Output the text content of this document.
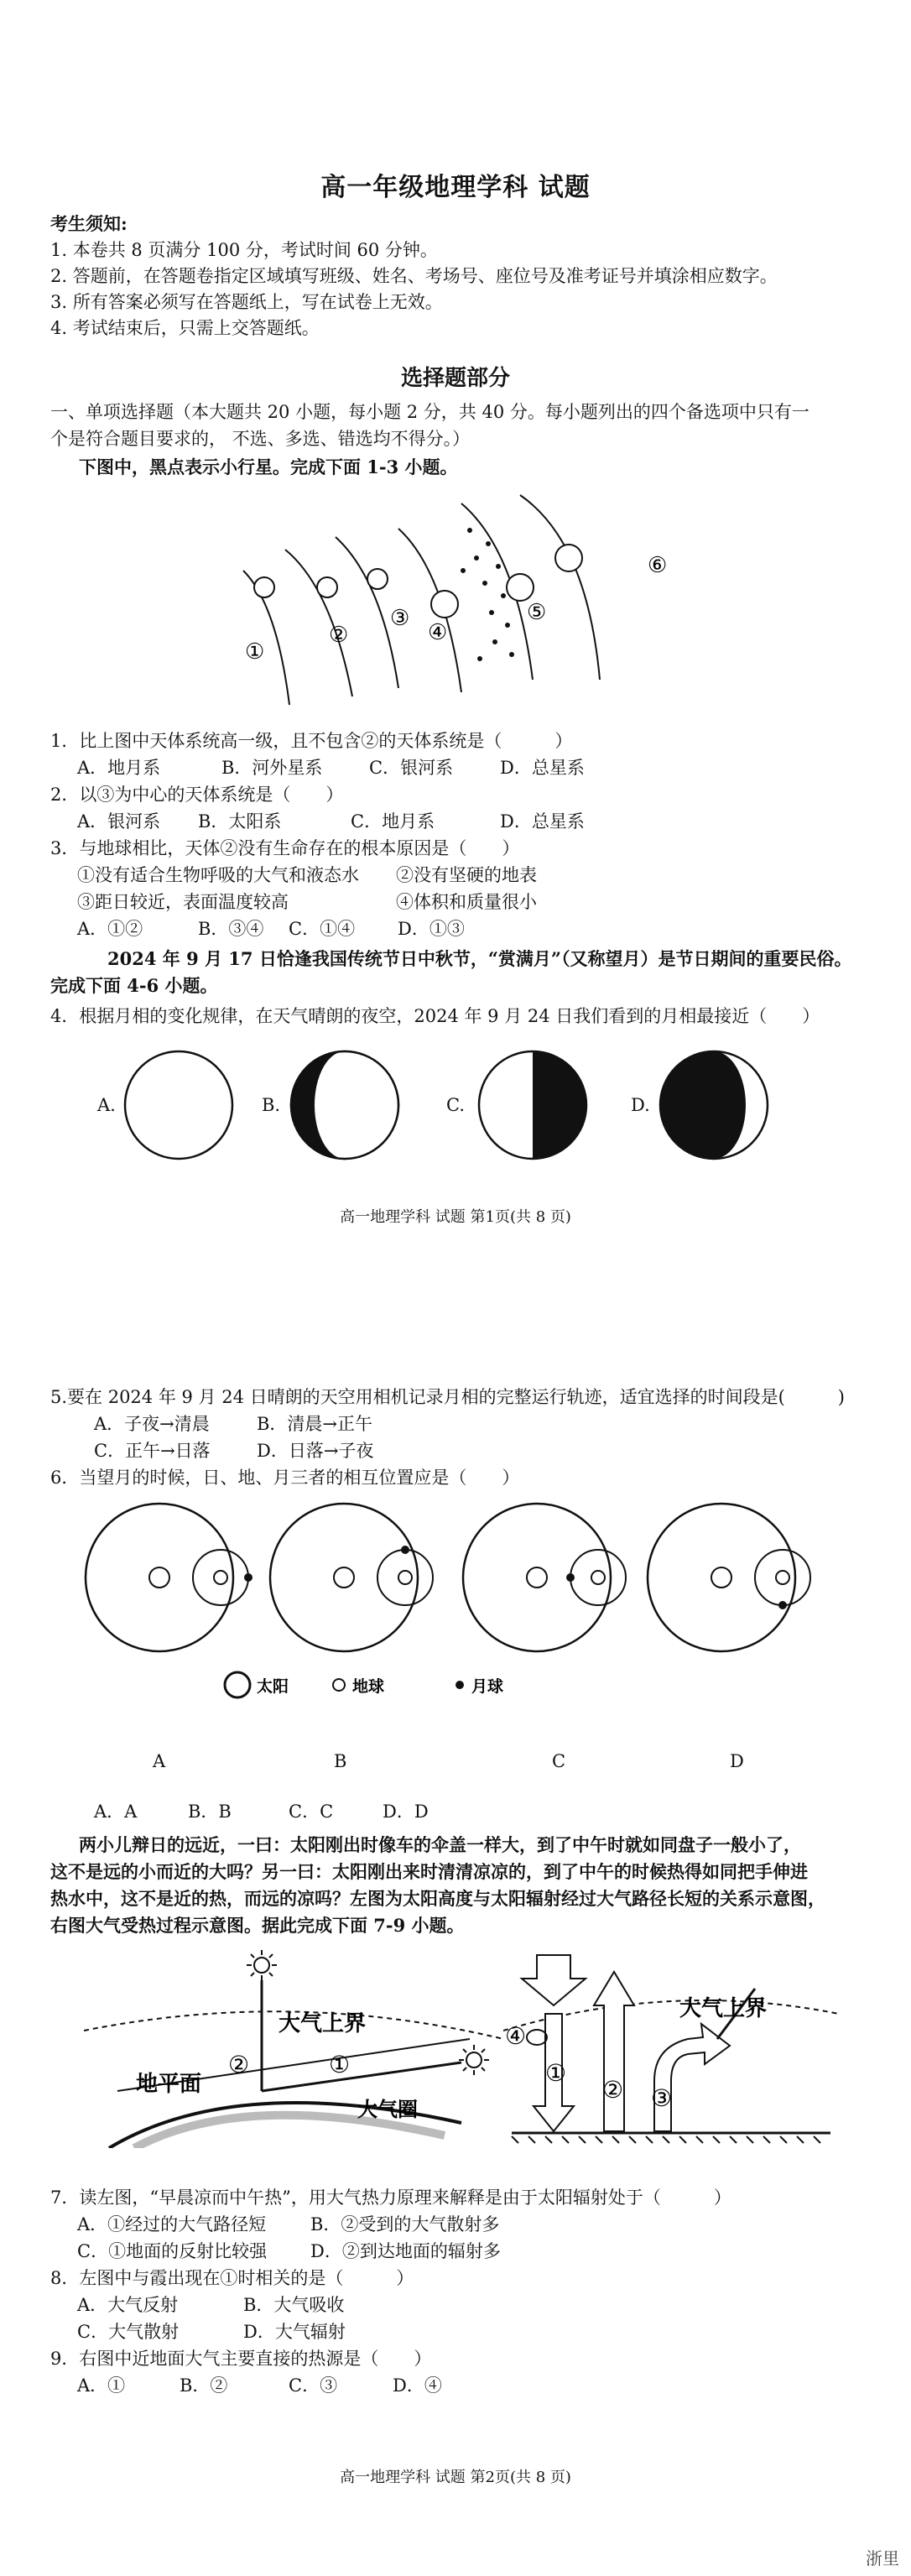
高一年级地理学科 试题
考生须知:
1. 本卷共 8 页满分 100 分，考试时间 60 分钟。
2. 答题前，在答题卷指定区域填写班级、姓名、考场号、座位号及准考证号并填涂相应数字。
3. 所有答案必须写在答题纸上，写在试卷上无效。
4. 考试结束后，只需上交答题纸。
选择题部分
一、单项选择题（本大题共 20 小题，每小题 2 分，共 40 分。每小题列出的四个备选项中只有一
个是符合题目要求的， 不选、多选、错选均不得分。）
下图中，黑点表示小行星。完成下面 1-3 小题。
①
②
③
④
⑤
⑥
1．比上图中天体系统高一级，且不包含②的天体系统是（　　　）
A．地月系	B．河外星系	C．银河系	D．总星系
2．以③为中心的天体系统是（　　）
A．银河系 B．太阳系	C．地月系	D．总星系
3．与地球相比，天体②没有生命存在的根本原因是（　　）
①没有适合生物呼吸的大气和液态水 ②没有坚硬的地表
③距日较近，表面温度较高	④体积和质量很小
A．①②	B．③④ C．①④ D．①③
2024 年 9 月 17 日恰逢我国传统节日中秋节，“赏满月”（又称望月）是节日期间的重要民俗。
完成下面 4-6 小题。
4．根据月相的变化规律，在天气晴朗的夜空，2024 年 9 月 24 日我们看到的月相最接近（　　）
A.	B.	C.	D.
高一地理学科 试题 第1页(共 8 页)
5.要在 2024 年 9 月 24 日晴朗的天空用相机记录月相的完整运行轨迹，适宜选择的时间段是(　　　)
A．子夜→清晨	B．清晨→正午
C．正午→日落	D．日落→子夜
6．当望月的时候，日、地、月三者的相互位置应是（　　）
太阳	地球	月球
A	B	C	D
A．A	B．B	C．C	D．D
两小儿辩日的远近，一曰：太阳刚出时像车的伞盖一样大，到了中午时就如同盘子一般小了，
这不是远的小而近的大吗？另一曰：太阳刚出来时清清凉凉的，到了中午的时候热得如同把手伸进
热水中，这不是近的热，而远的凉吗？左图为太阳高度与太阳辐射经过大气路径长短的关系示意图，
右图大气受热过程示意图。据此完成下面 7-9 小题。
大气上界
②	①
地平面
大气圈
大气上界
①
② ③
④
7．读左图，“早晨凉而中午热”，用大气热力原理来解释是由于太阳辐射处于（　　　）
A．①经过的大气路径短	B．②受到的大气散射多
C．①地面的反射比较强 D．②到达地面的辐射多
8．左图中与霞出现在①时相关的是（　　　）
A．大气反射	B．大气吸收
C．大气散射	D．大气辐射
9．右图中近地面大气主要直接的热源是（　　）
A．①	B．②	C．③	D．④
高一地理学科 试题 第2页(共 8 页)
浙里
